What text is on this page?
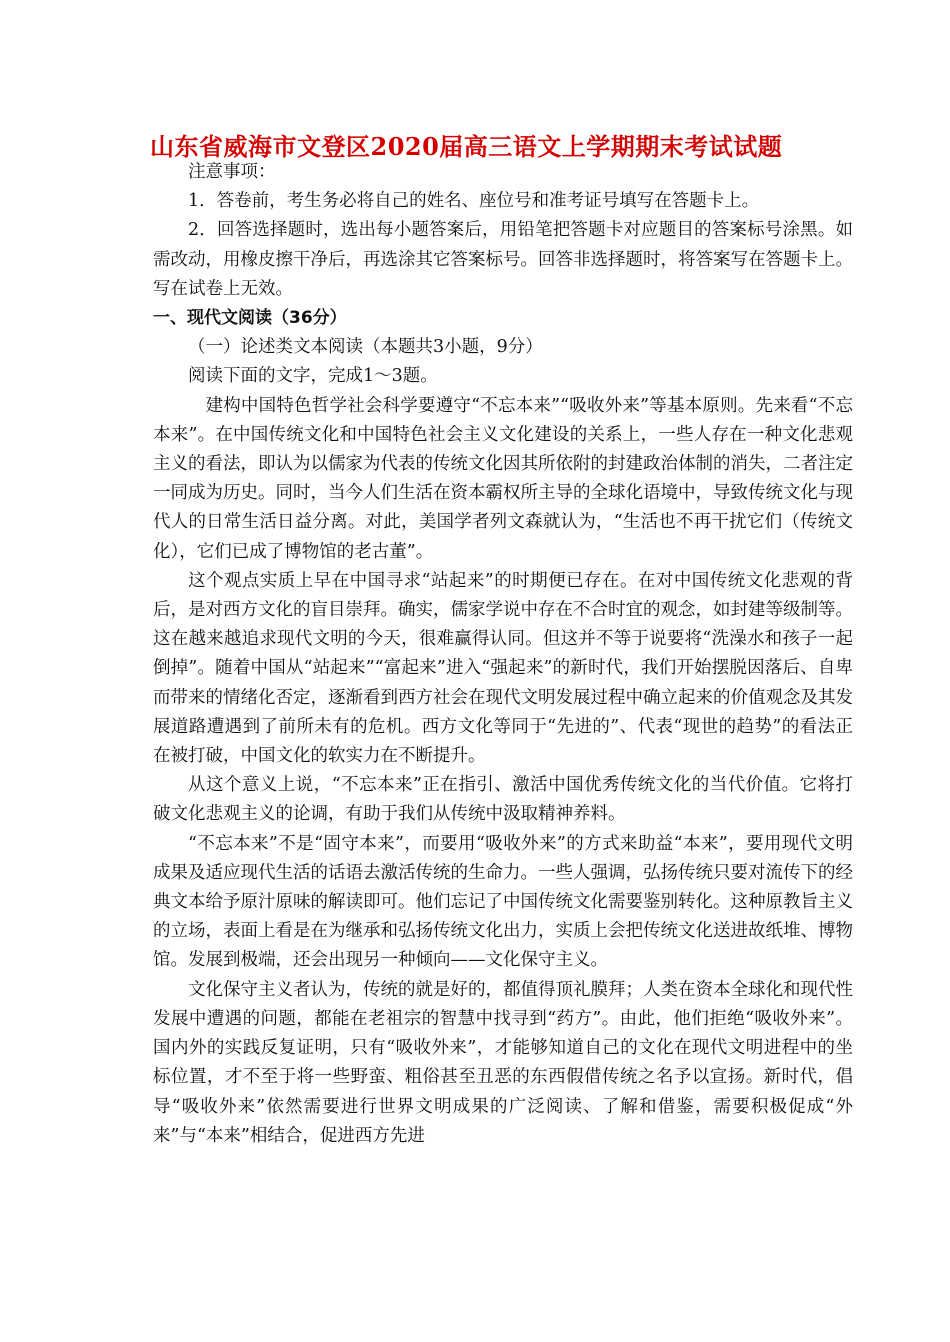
山东省威海市文登区2020届高三语文上学期期末考试试题

注意事项：

1．答卷前，考生务必将自己的姓名、座位号和准考证号填写在答题卡上。

2．回答选择题时，选出每小题答案后，用铅笔把答题卡对应题目的答案标号涂黑。如需改动，用橡皮擦干净后，再选涂其它答案标号。回答非选择题时，将答案写在答题卡上。写在试卷上无效。

一、现代文阅读（36分）

（一）论述类文本阅读（本题共3小题，9分）

阅读下面的文字，完成1～3题。

建构中国特色哲学社会科学要遵守“不忘本来”“吸收外来”等基本原则。先来看“不忘本来”。在中国传统文化和中国特色社会主义文化建设的关系上，一些人存在一种文化悲观主义的看法，即认为以儒家为代表的传统文化因其所依附的封建政治体制的消失，二者注定一同成为历史。同时，当今人们生活在资本霸权所主导的全球化语境中，导致传统文化与现代人的日常生活日益分离。对此，美国学者列文森就认为，“生活也不再干扰它们（传统文化），它们已成了博物馆的老古董”。

这个观点实质上早在中国寻求“站起来”的时期便已存在。在对中国传统文化悲观的背后，是对西方文化的盲目崇拜。确实，儒家学说中存在不合时宜的观念，如封建等级制等。这在越来越追求现代文明的今天，很难赢得认同。但这并不等于说要将“洗澡水和孩子一起倒掉”。随着中国从“站起来”“富起来”进入“强起来”的新时代，我们开始摆脱因落后、自卑而带来的情绪化否定，逐渐看到西方社会在现代文明发展过程中确立起来的价值观念及其发展道路遭遇到了前所未有的危机。西方文化等同于“先进的”、代表“现世的趋势”的看法正在被打破，中国文化的软实力在不断提升。

从这个意义上说，“不忘本来”正在指引、激活中国优秀传统文化的当代价值。它将打破文化悲观主义的论调，有助于我们从传统中汲取精神养料。

“不忘本来”不是“固守本来”，而要用“吸收外来”的方式来助益“本来”，要用现代文明成果及适应现代生活的话语去激活传统的生命力。一些人强调，弘扬传统只要对流传下的经典文本给予原汁原味的解读即可。他们忘记了中国传统文化需要鉴别转化。这种原教旨主义的立场，表面上看是在为继承和弘扬传统文化出力，实质上会把传统文化送进故纸堆、博物馆。发展到极端，还会出现另一种倾向——文化保守主义。

文化保守主义者认为，传统的就是好的，都值得顶礼膜拜；人类在资本全球化和现代性发展中遭遇的问题，都能在老祖宗的智慧中找寻到“药方”。由此，他们拒绝“吸收外来”。国内外的实践反复证明，只有“吸收外来”，才能够知道自己的文化在现代文明进程中的坐标位置，才不至于将一些野蛮、粗俗甚至丑恶的东西假借传统之名予以宣扬。新时代，倡导“吸收外来”依然需要进行世界文明成果的广泛阅读、了解和借鉴，需要积极促成“外来”与“本来”相结合，促进西方先进
